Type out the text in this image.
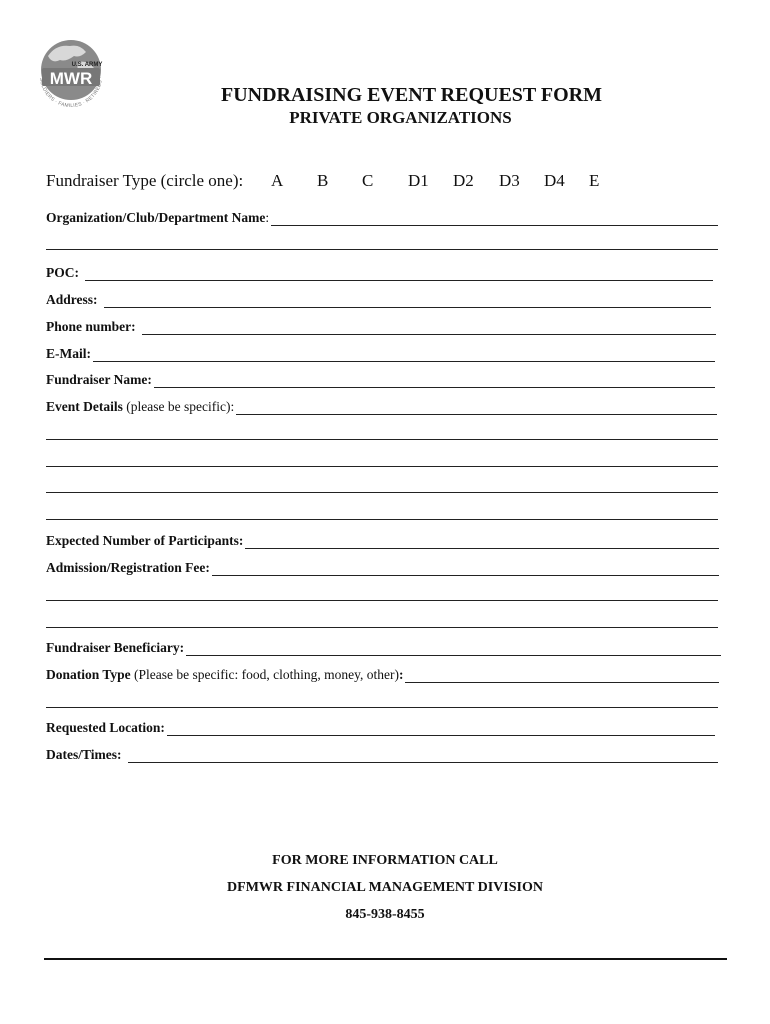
U.S. ARMY
MWR
SOLDIERS · FAMILIES · RETIREES ·
FUNDRAISING EVENT REQUEST FORM
PRIVATE ORGANIZATIONS
Fundraiser Type (circle one): A B C D1 D2 D3 D4 E
Organization/Club/Department Name:
POC:
Address:
Phone number:
E-Mail:
Fundraiser Name:
Event Details (please be specific):
Expected Number of Participants:
Admission/Registration Fee:
Fundraiser Beneficiary:
Donation Type (Please be specific: food, clothing, money, other):
Requested Location:
Dates/Times:
FOR MORE INFORMATION CALL
DFMWR FINANCIAL MANAGEMENT DIVISION
845-938-8455
